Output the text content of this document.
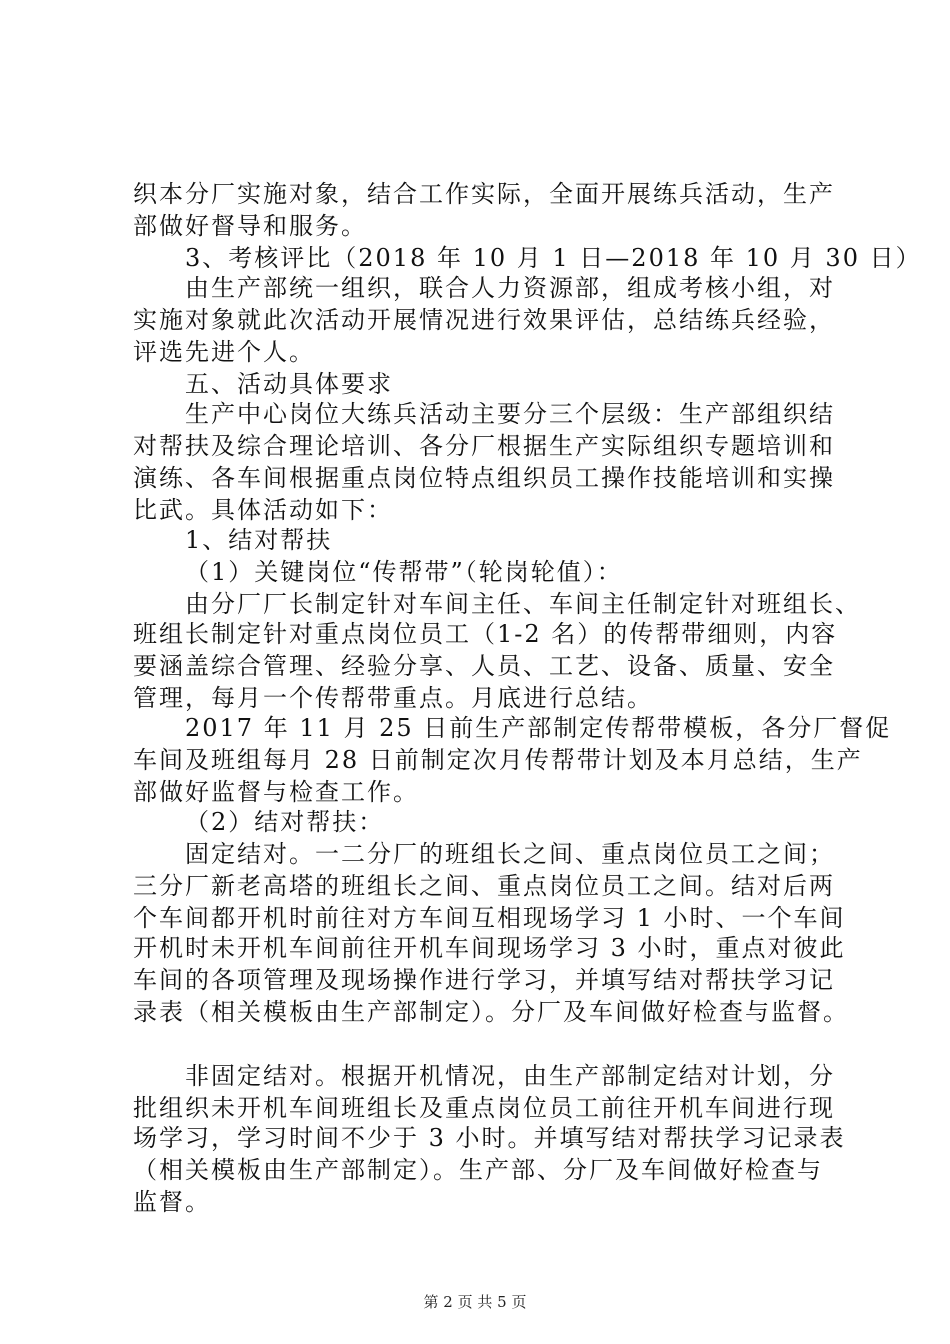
织本分厂实施对象，结合工作实际，全面开展练兵活动，生产
部做好督导和服务。
3、考核评比（2018 年 10 月 1 日—2018 年 10 月 30 日）
由生产部统一组织，联合人力资源部，组成考核小组，对
实施对象就此次活动开展情况进行效果评估，总结练兵经验，
评选先进个人。
五、活动具体要求
生产中心岗位大练兵活动主要分三个层级：生产部组织结
对帮扶及综合理论培训、各分厂根据生产实际组织专题培训和
演练、各车间根据重点岗位特点组织员工操作技能培训和实操
比武。具体活动如下：
1、结对帮扶
（1）关键岗位“传帮带”（轮岗轮值）：
由分厂厂长制定针对车间主任、车间主任制定针对班组长、
班组长制定针对重点岗位员工（1-2 名）的传帮带细则，内容
要涵盖综合管理、经验分享、人员、工艺、设备、质量、安全
管理，每月一个传帮带重点。月底进行总结。
2017 年 11 月 25 日前生产部制定传帮带模板，各分厂督促
车间及班组每月 28 日前制定次月传帮带计划及本月总结，生产
部做好监督与检查工作。
（2）结对帮扶：
固定结对。一二分厂的班组长之间、重点岗位员工之间；
三分厂新老高塔的班组长之间、重点岗位员工之间。结对后两
个车间都开机时前往对方车间互相现场学习 1 小时、一个车间
开机时未开机车间前往开机车间现场学习 3 小时，重点对彼此
车间的各项管理及现场操作进行学习，并填写结对帮扶学习记
录表（相关模板由生产部制定）。分厂及车间做好检查与监督。
非固定结对。根据开机情况，由生产部制定结对计划，分
批组织未开机车间班组长及重点岗位员工前往开机车间进行现
场学习，学习时间不少于 3 小时。并填写结对帮扶学习记录表
（相关模板由生产部制定）。生产部、分厂及车间做好检查与
监督。
第 2 页 共 5 页
